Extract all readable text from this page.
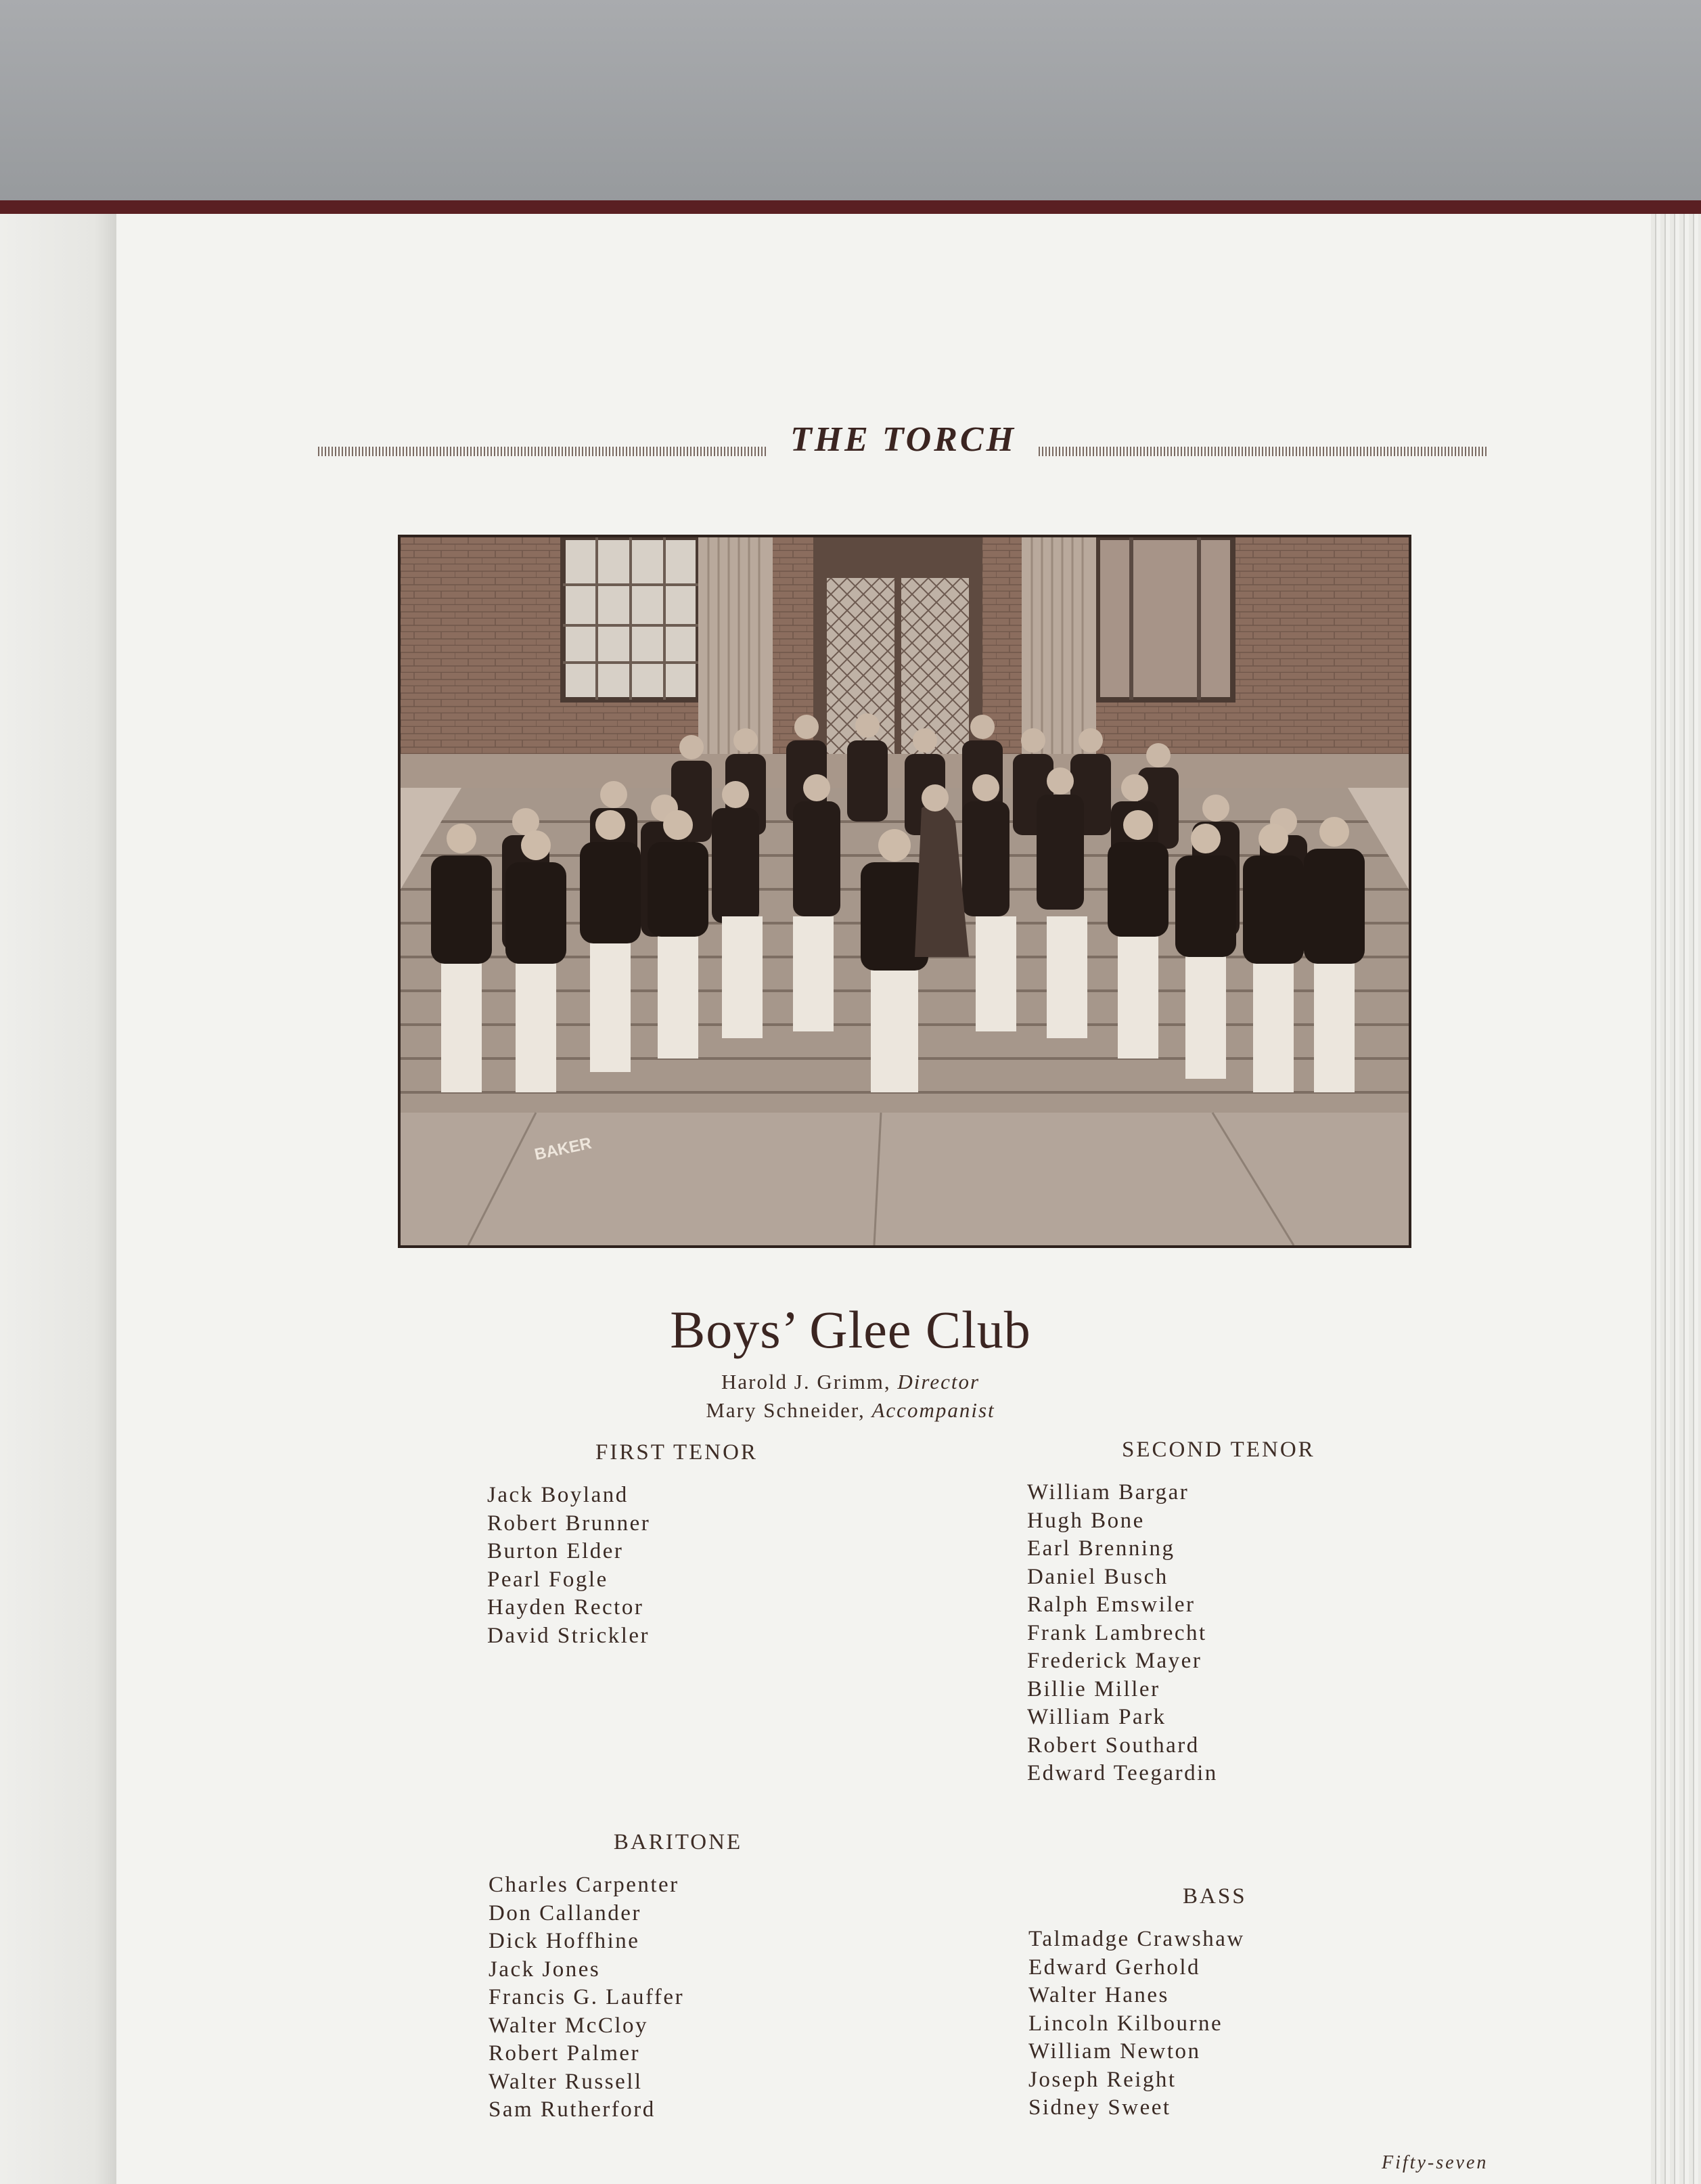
THE TORCH
BAKER
Boys’ Glee Club
Harold J. Grimm, Director
Mary Schneider, Accompanist
FIRST TENOR
Jack Boyland
Robert Brunner
Burton Elder
Pearl Fogle
Hayden Rector
David Strickler
SECOND TENOR
William Bargar
Hugh Bone
Earl Brenning
Daniel Busch
Ralph Emswiler
Frank Lambrecht
Frederick Mayer
Billie Miller
William Park
Robert Southard
Edward Teegardin
BARITONE
Charles Carpenter
Don Callander
Dick Hoffhine
Jack Jones
Francis G. Lauffer
Walter McCloy
Robert Palmer
Walter Russell
Sam Rutherford
BASS
Talmadge Crawshaw
Edward Gerhold
Walter Hanes
Lincoln Kilbourne
William Newton
Joseph Reight
Sidney Sweet
Fifty-seven
